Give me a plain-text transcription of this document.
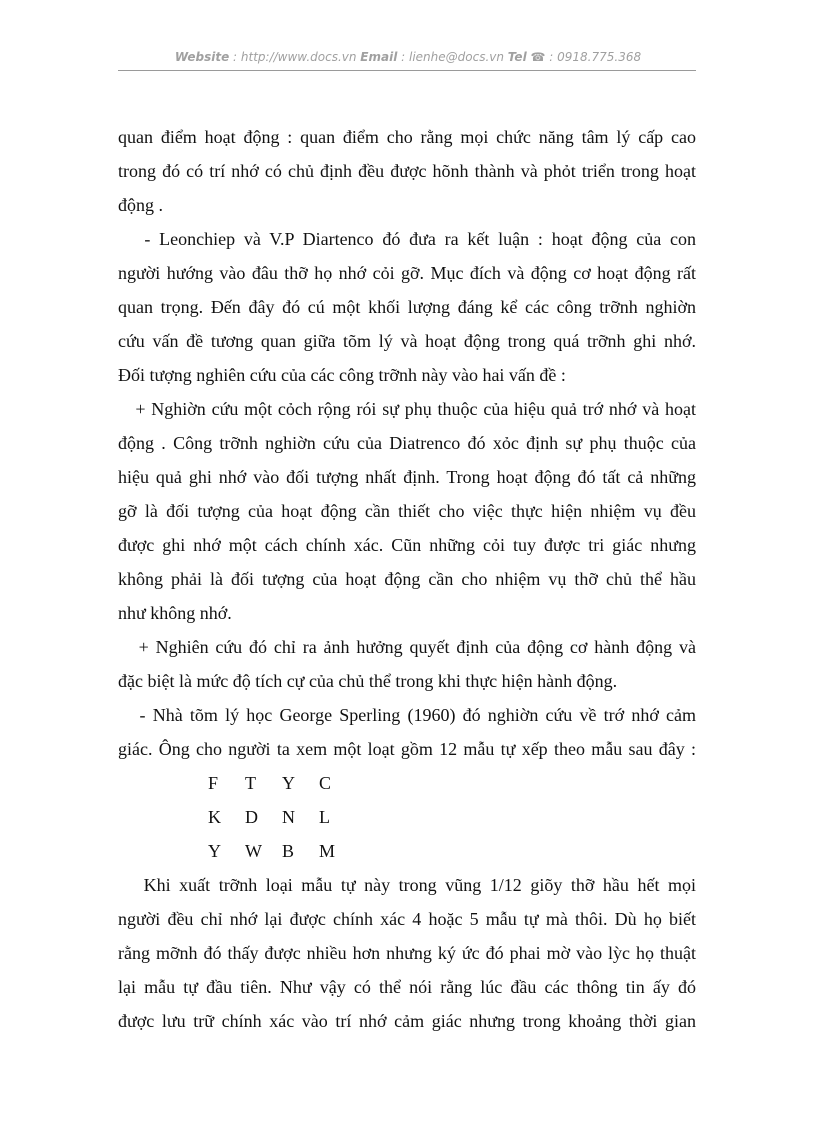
Website : http://www.docs.vn Email : lienhe@docs.vn Tel ☎ : 0918.775.368
quan điểm hoạt động : quan điểm cho rằng mọi chức năng tâm lý cấp cao
trong đó có trí nhớ có chủ định đều được hõnh thành và phỏt triển trong hoạt
động .
- Leonchiep và V.P Diartenco đó đưa ra kết luận : hoạt động của con
người hướng vào đâu thỡ họ nhớ cỏi gỡ. Mục đích và động cơ hoạt động rất
quan trọng. Đến đây đó cú một khối lượng đáng kể các công trỡnh nghiờn
cứu vấn đề tương quan giữa tõm lý và hoạt động trong quá trỡnh ghi nhớ.
Đối tượng nghiên cứu của các công trỡnh này vào hai vấn đề :
+ Nghiờn cứu một cỏch rộng rói sự phụ thuộc của hiệu quả trớ nhớ và hoạt
động . Công trỡnh nghiờn cứu của Diatrenco đó xỏc định sự phụ thuộc của
hiệu quả ghi nhớ vào đối tượng nhất định. Trong hoạt động đó tất cả những
gỡ là đối tượng của hoạt động cần thiết cho việc thực hiện nhiệm vụ đều
được ghi nhớ một cách chính xác. Cũn những cỏi tuy được tri giác nhưng
không phải là đối tượng của hoạt động cần cho nhiệm vụ thỡ chủ thể hầu
như không nhớ.
+ Nghiên cứu đó chỉ ra ảnh hưởng quyết định của động cơ hành động và
đặc biệt là mức độ tích cự của chủ thể trong khi thực hiện hành động.
- Nhà tõm lý học George Sperling (1960) đó nghiờn cứu về trớ nhớ cảm
giác. Ông cho người ta xem một loạt gồm 12 mẫu tự xếp theo mẫu sau đây :
F	T	Y	C
K	D	N	L
Y	W	B	M
Khi xuất trỡnh loại mẫu tự này trong vũng 1/12 giõy thỡ hầu hết mọi
người đều chỉ nhớ lại được chính xác 4 hoặc 5 mẫu tự mà thôi. Dù họ biết
rằng mỡnh đó thấy được nhiều hơn nhưng ký ức đó phai mờ vào lỳc họ thuật
lại mẫu tự đầu tiên. Như vậy có thể nói rằng lúc đầu các thông tin ấy đó
được lưu trữ chính xác vào trí nhớ cảm giác nhưng trong khoảng thời gian
